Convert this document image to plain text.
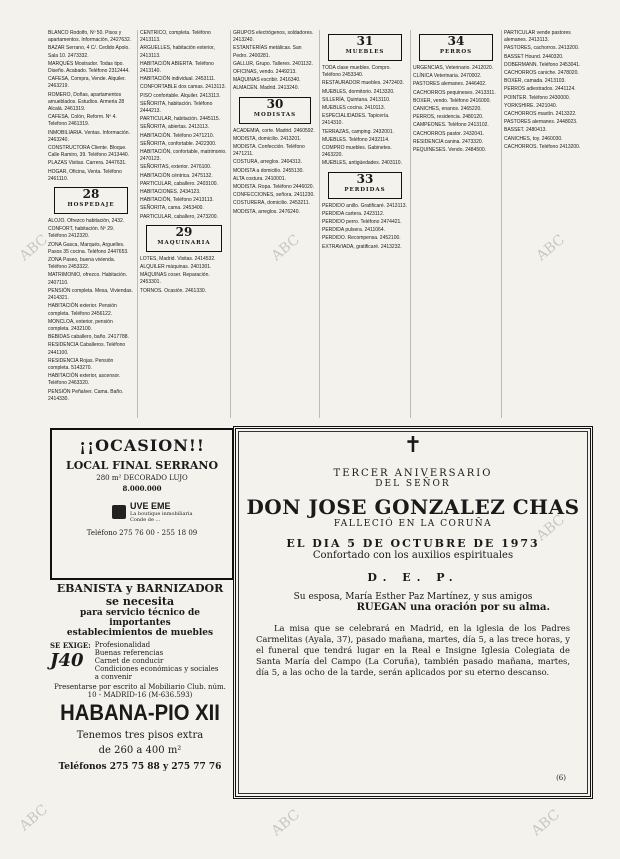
BLANCO Rodolfo, Nº 50. Pisos y apartamentos. Información, 2427632.

BAZAR Serrano, 4 C/. Cedido Apolo. Sala 10. 2473332.

MARQUÉS Mostrador. Todas tipo. Diseño. Acabado. Teléfono 2312444.

CAFESA, Compra, Vende. Alquiler. 2463219.

ROMERO, Doñas, apartamentos amueblados. Estudios. Armeria 28 Alcalá. 2461319.

CAFESA, Colón, Reform. Nº 4. Telefono 2461319.

INMOBILIARIA. Ventas. Información. 2463240.

CONSTRUCTORA Cliente. Bloque. Calle Ramiro, 39. Teléfono 2413440.

PLAZAS Visitas. Carrera. 2447631.

HOGAR, Oficina, Venta. Teléfono 2461110.

28
HOSPEDAJE

ALOJO. Ofrezco habitación, 2432.

CONFORT, habitación. Nº 29. Teléfono 2412320.

ZONA Gasca, Marqués, Arguelles. Pasos 35 cocina. Teléfono 2447653.

ZONA Paseo, buena vivienda. Teléfono 2453322.

MATRIMONIO, ofrezco. Habitación. 2407110.

PENSIÓN completa. Mesa, Viviendas. 2414321.

HABITACIÓN exterior. Pensión completa. Teléfono 2456122.

MONCLOA, exterior, pensión completa. 2432100.

BEBIDAS caballero, baño. 2417788.

RESIDENCIA Caballeros. Teléfono 2441100.

RESIDENCIA Rojas. Pensión completa. 5143270.

HABITACIÓN exterior, ascensor. Teléfono 2463320.

PENSIÓN Peñalver. Cama. Baño. 2414330.

CENTRICO, completa. Teléfono 2413113.

ARGUELLES, habitación exterior, 2413113.

HABITACIÓN ABIERTA. Teléfono 2413140.

HABITACIÓN individual. 2453111.

CONFORTABLE dos camas. 2413113.

PISO confortable. Alquiler. 2413113.

SEÑORITA, habitación. Teléfono 2444213.

PARTICULAR, habitación. 2445115.

SEÑORITA, abiertas. 2413113.

HABITACIÓN. Teléfono 2471210.

SEÑORITA, confortable. 2422300.

HABITACIÓN, confortable, matrimonio. 2470123.

SEÑORITAS, exterior. 2476100.

HABITACIÓN céntrica. 2475132.

PARTICULAR, caballero. 2403100.

HABITACIONES. 2434123.

HABITACIÓN, Teléfono 2413113.

SEÑORITA, cama. 2453400.

PARTICULAR, caballero, 2473200.

29
MAQUINARIA

LOTES, Madrid. Visitas. 2414532.

ALQUILER máquinas. 2401301.

MÁQUINAS coser. Reparación. 2453301.

TORNOS. Ocasión. 2461330.

GRUPOS electrógenos, soldadores. 2413240.

ESTANTERÍAS metálicas. San Pedro. 2400281.

GALLUR, Grupo. Talleres. 2401132.

OFICINAS, vendo. 2449213.

MÁQUINAS escribir. 2416340.

ALMACÉN. Madrid. 2413240.

30
MODISTAS

ACADEMIA, corte. Madrid. 2460592.

MODISTA, domicilio. 2413201.

MODISTA. Confección. Teléfono 2471211.

COSTURA, arreglos. 2404313.

MODISTA a domicilio. 2455130.

ALTA costura. 2410001.

MODISTA. Ropa. Teléfono 2446020.

CONFECCIONES, señora. 2411230.

COSTURERA, domicilio. 2453211.

MODISTA, arreglos. 2476240.

31
MUEBLES

TODA clase muebles. Compro. Teléfono 2453340.

RESTAURADOR muebles. 2472403.

MUEBLES, dormitorio. 2413320.

SILLERÍA, Quintana. 2413110.

MUEBLES cocina. 2410113.

ESPECIALIDADES. Tapicería. 2414310.

TERRAZAS, camping. 2432001.

MUEBLES. Teléfono 2432114.

COMPRO muebles. Gabinetes. 2463220.

MUEBLES, antigüedades. 2403110.

33
PERDIDAS

PERDIDO anillo. Gratificaré. 2413113.

PERDIDA cartera. 2423112.

PERDIDO perro. Teléfono 2474421.

PERDIDA pulsera. 2411064.

PERDIDO. Recompensa. 2452100.

EXTRAVIADA, gratificaré. 2413232.

34
PERROS

URGENCIAS, Veterinario. 2412020.

CLÍNICA Veterinaria. 2470002.

PASTORES alemanes. 2446402.

CACHORROS pequineses. 2413311.

BOXER, vendo. Teléfono 2416000.

CANICHES, enanos. 2465220.

PERROS, residencia. 2480120.

CAMPEONES. Teléfono 2413102.

CACHORROS pastor. 2432041.

RESIDENCIA canina. 2473320.

PEQUINESES. Vendo. 2484500.

PARTICULAR vende pastores alemanes. 2413113.

PASTORES, cachorros. 2413200.

BASSET Hound. 2440320.

DOBERMANN. Teléfono 2453041.

CACHORROS caniche. 2478020.

BOXER, camada. 2413103.

PERROS adiestrados. 2441124.

POINTER. Teléfono 2430000.

YORKSHIRE. 2421040.

CACHORROS mastín. 2413322.

PASTORES alemanes. 2448023.

BASSET. 2480413.

CANICHES, toy. 2460030.

CACHORROS. Teléfono 2413200.

¡¡OCASION!!
LOCAL FINAL SERRANO
280 m² DECORADO LUJO
8.000.000
UVE EME
La boutique inmobiliaria
Conde de ...
Teléfono 275 76 00 - 255 18 09
EBANISTA y BARNIZADOR
se necesita
para servicio técnico de importantes
establecimientos de muebles
SE EXIGE:
J40
Profesionalidad
Buenas referencias
Carnet de conducir
Condiciones económicas y sociales
a convenir
Presentarse por escrito al Mobiliario Club. núm. 10 - MADRID-16 (M-636.593)
HABANA-PIO XII
Tenemos tres pisos extra
de 260 a 400 m²
Teléfonos 275 75 88 y 275 77 76
✝
TERCER ANIVERSARIO
DEL SEÑOR
DON JOSE GONZALEZ CHAS
FALLECIÓ EN LA CORUÑA
EL DIA 5 DE OCTUBRE DE 1973
Confortado con los auxilios espirituales
D. E. P.
Su esposa, María Esther Paz Martínez, y sus amigos
RUEGAN una oración por su alma.
La misa que se celebrará en Madrid, en la iglesia de los Padres Carmelitas (Ayala, 37), pasado mañana, martes, día 5, a las trece horas, y el funeral que tendrá lugar en la Real e Insigne Iglesia Colegiata de Santa María del Campo (La Coruña), también pasado mañana, martes, día 5, a las ocho de la tarde, serán aplicados por su eterno descanso.
(6)
ABC	ABC	ABC
ABC
ABC	ABC	ABC
